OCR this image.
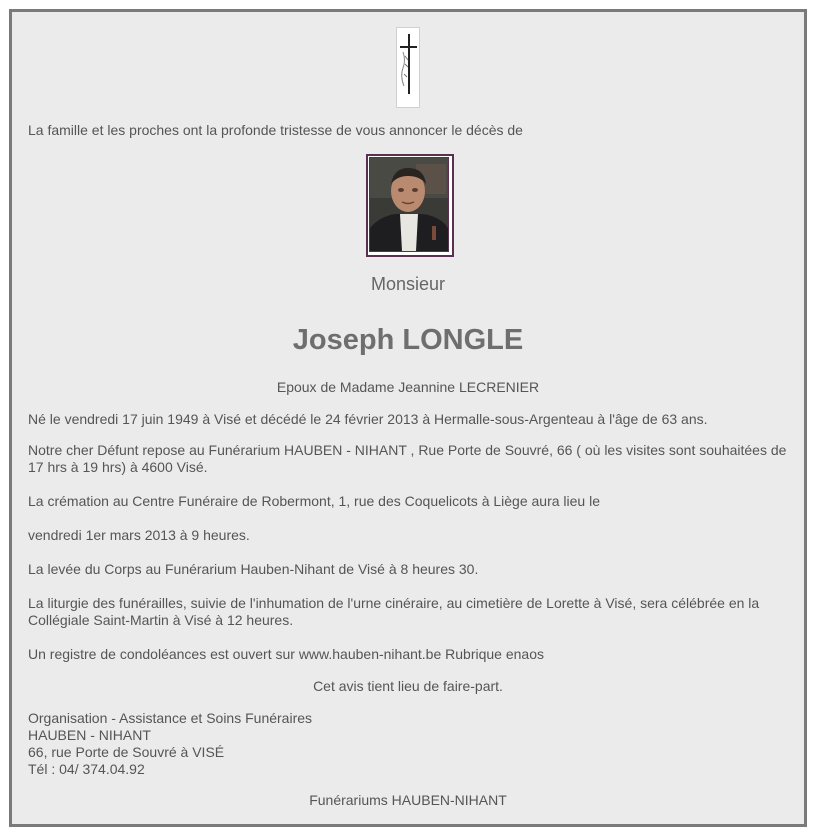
La famille et les proches ont la profonde tristesse de vous annoncer le décès de
Monsieur
Joseph LONGLE
Epoux de Madame Jeannine LECRENIER
Né le vendredi 17 juin 1949 à Visé et décédé le 24 février 2013 à Hermalle-sous-Argenteau à l'âge de 63 ans.
Notre cher Défunt repose au Funérarium HAUBEN - NIHANT , Rue Porte de Souvré, 66 ( où les visites sont souhaitées de 17 hrs à 19 hrs) à 4600 Visé.
La crémation au Centre Funéraire de Robermont, 1, rue des Coquelicots à Liège aura lieu le
vendredi 1er mars 2013 à 9 heures.
La levée du Corps au Funérarium Hauben-Nihant de Visé à 8 heures 30.
La liturgie des funérailles, suivie de l'inhumation de l'urne cinéraire, au cimetière de Lorette à Visé, sera célébrée en la Collégiale Saint-Martin à Visé à 12 heures.
Un registre de condoléances est ouvert sur www.hauben-nihant.be Rubrique enaos
Cet avis tient lieu de faire-part.
Organisation - Assistance et Soins Funéraires
HAUBEN - NIHANT
66, rue Porte de Souvré à VISÉ
Tél : 04/ 374.04.92
Funérariums HAUBEN-NIHANT
